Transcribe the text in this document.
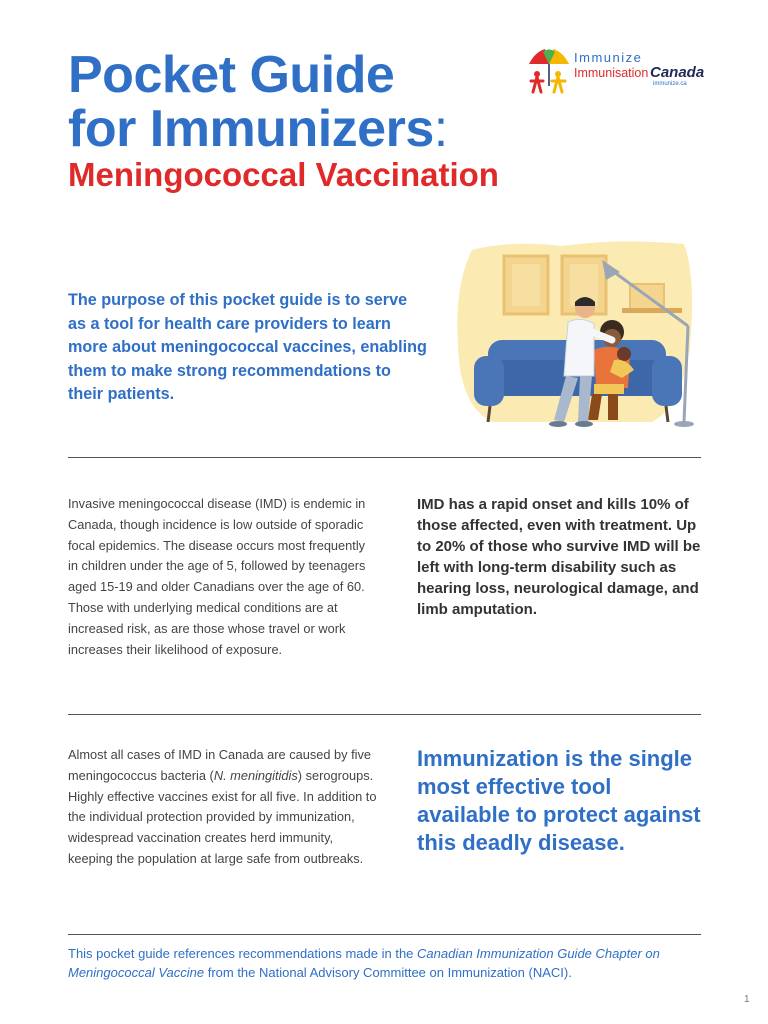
Pocket Guide
for Immunizers:
Meningococcal Vaccination
Immunize
Immunisation Canada
immunize.ca
The purpose of this pocket guide is to serve as a tool for health care providers to learn more about meningococcal vaccines, enabling them to make strong recommendations to their patients.
Invasive meningococcal disease (IMD) is endemic in Canada, though incidence is low outside of sporadic focal epidemics. The disease occurs most frequently in children under the age of 5, followed by teenagers aged 15-19 and older Canadians over the age of 60. Those with underlying medical conditions are at increased risk, as are those whose travel or work increases their likelihood of exposure.
IMD has a rapid onset and kills 10% of those affected, even with treatment. Up to 20% of those who survive IMD will be left with long-term disability such as hearing loss, neurological damage, and limb amputation.
Almost all cases of IMD in Canada are caused by five meningococcus bacteria (N. meningitidis) serogroups. Highly effective vaccines exist for all five. In addition to the individual protection provided by immunization, widespread vaccination creates herd immunity, keeping the population at large safe from outbreaks.
Immunization is the single most effective tool available to protect against this deadly disease.
This pocket guide references recommendations made in the Canadian Immunization Guide Chapter on Meningococcal Vaccine from the National Advisory Committee on Immunization (NACI).
1
